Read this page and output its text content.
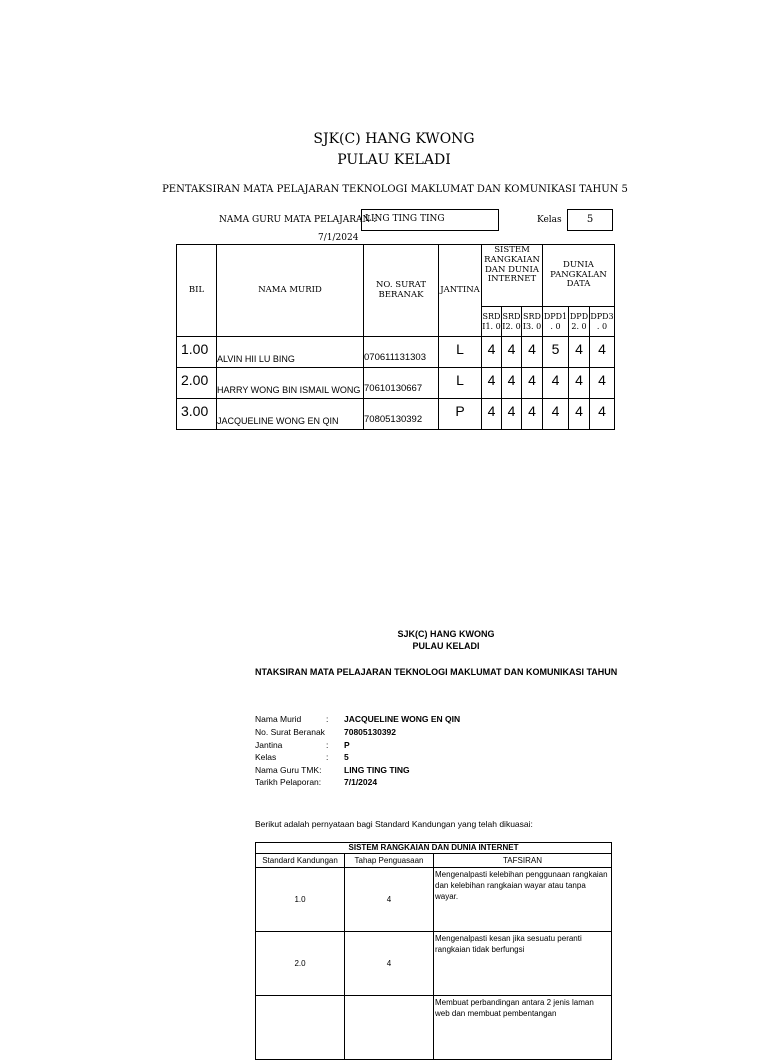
SJK(C) HANG KWONG
PULAU KELADI
PENTAKSIRAN MATA PELAJARAN TEKNOLOGI MAKLUMAT DAN KOMUNIKASI TAHUN 5
NAMA GURU MATA PELAJARAN :
LING TING TING	Kelas	5
7/1/2024
BIL	NAMA MURID	NO. SURAT BERANAK	JANTINA	SISTEM RANGKAIAN DAN DUNIA INTERNET			DUNIA PANGKALAN DATA		
				SRD I1. 0	SRD I2. 0	SRD I3. 0	DPD1 . 0	DPD 2. 0	DPD3 . 0
1.00	ALVIN HII LU BING	070611131303	L	4	4	4	5	4	4
2.00	HARRY WONG BIN ISMAIL WONG	70610130667	L	4	4	4	4	4	4
3.00	JACQUELINE WONG EN QIN	70805130392	P	4	4	4	4	4	4
SJK(C) HANG KWONG
PULAU KELADI
NTAKSIRAN MATA PELAJARAN TEKNOLOGI MAKLUMAT DAN KOMUNIKASI TAHUN
Nama Murid	: JACQUELINE WONG EN QIN
No. Surat Beranak 70805130392
Jantina	: P
Kelas	: 5
Nama Guru TMK:	LING TING TING
Tarikh Pelaporan:	7/1/2024
Berikut adalah pernyataan bagi Standard Kandungan yang telah dikuasai:
SISTEM RANGKAIAN DAN DUNIA INTERNET		
Standard Kandungan	Tahap Penguasaan	TAFSIRAN
1.0	4	Mengenalpasti kelebihan penggunaan rangkaian dan kelebihan rangkaian wayar atau tanpa wayar.
2.0	4	Mengenalpasti kesan jika sesuatu peranti rangkaian tidak berfungsi
		Membuat perbandingan antara 2 jenis laman web dan membuat pembentangan
